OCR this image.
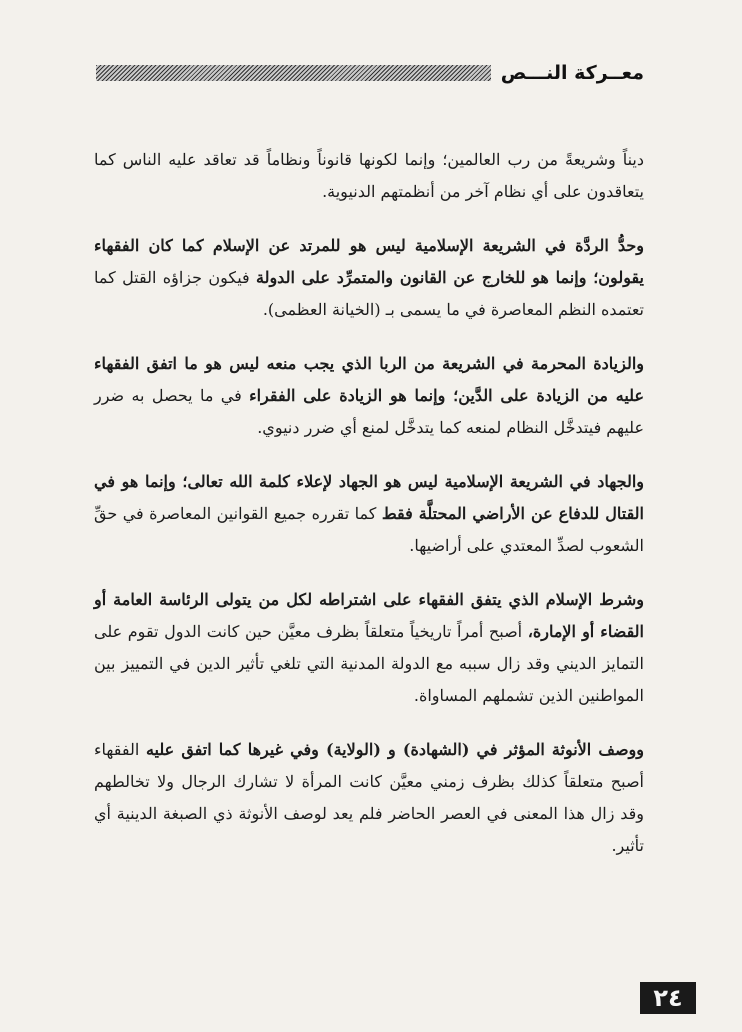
معــركة النـــص

ديناً وشريعةً من رب العالمين؛ وإنما لكونها قانوناً ونظاماً قد تعاقد عليه الناس كما يتعاقدون على أي نظام آخر من أنظمتهم الدنيوية.

وحدُّ الردَّة في الشريعة الإسلامية ليس هو للمرتد عن الإسلام كما كان الفقهاء يقولون؛ وإنما هو للخارج عن القانون والمتمرِّد على الدولة فيكون جزاؤه القتل كما تعتمده النظم المعاصرة في ما يسمى بـ (الخيانة العظمى).

والزيادة المحرمة في الشريعة من الربا الذي يجب منعه ليس هو ما اتفق الفقهاء عليه من الزيادة على الدَّين؛ وإنما هو الزيادة على الفقراء في ما يحصل به ضرر عليهم فيتدخَّل النظام لمنعه كما يتدخَّل لمنع أي ضرر دنيوي.

والجهاد في الشريعة الإسلامية ليس هو الجهاد لإعلاء كلمة الله تعالى؛ وإنما هو في القتال للدفاع عن الأراضي المحتلَّة فقط كما تقرره جميع القوانين المعاصرة في حقِّ الشعوب لصدِّ المعتدي على أراضيها.

وشرط الإسلام الذي يتفق الفقهاء على اشتراطه لكل من يتولى الرئاسة العامة أو القضاء أو الإمارة، أصبح أمراً تاريخياً متعلقاً بظرف معيَّن حين كانت الدول تقوم على التمايز الديني وقد زال سببه مع الدولة المدنية التي تلغي تأثير الدين في التمييز بين المواطنين الذين تشملهم المساواة.

ووصف الأنوثة المؤثر في (الشهادة) و (الولاية) وفي غيرها كما اتفق عليه الفقهاء أصبح متعلقاً كذلك بظرف زمني معيَّن كانت المرأة لا تشارك الرجال ولا تخالطهم وقد زال هذا المعنى في العصر الحاضر فلم يعد لوصف الأنوثة ذي الصبغة الدينية أي تأثير.

٢٤
